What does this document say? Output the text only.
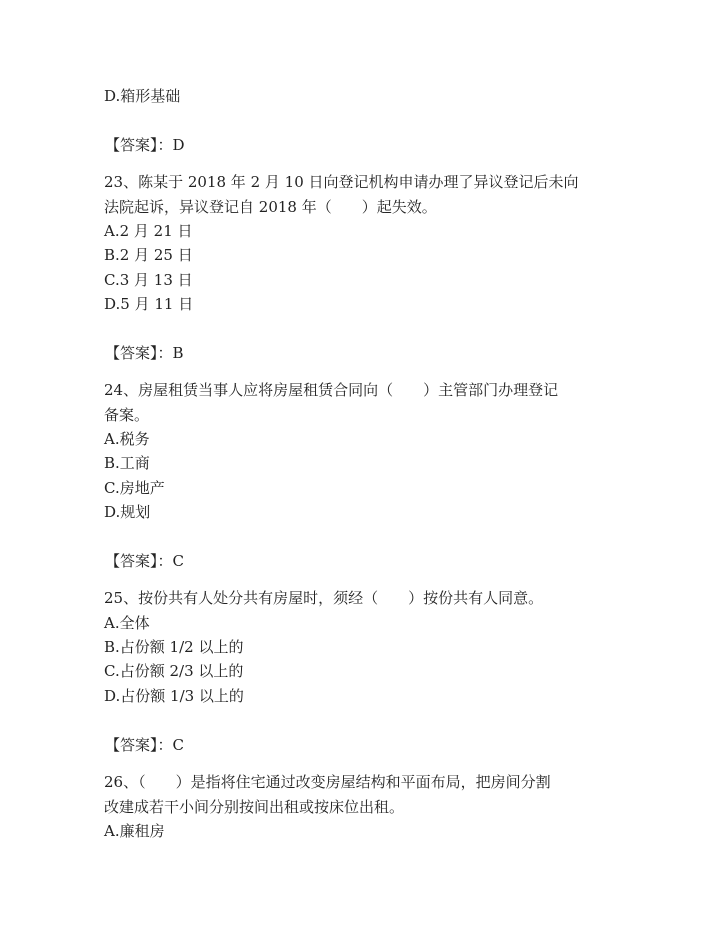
D.箱形基础
【答案】：D
23、陈某于 2018 年 2 月 10 日向登记机构申请办理了异议登记后未向
法院起诉，异议登记自 2018 年（　　）起失效。
A.2 月 21 日
B.2 月 25 日
C.3 月 13 日
D.5 月 11 日
【答案】：B
24、房屋租赁当事人应将房屋租赁合同向（　　）主管部门办理登记
备案。
A.税务
B.工商
C.房地产
D.规划
【答案】：C
25、按份共有人处分共有房屋时，须经（　　）按份共有人同意。
A.全体
B.占份额 1/2 以上的
C.占份额 2/3 以上的
D.占份额 1/3 以上的
【答案】：C
26、（　　）是指将住宅通过改变房屋结构和平面布局，把房间分割
改建成若干小间分别按间出租或按床位出租。
A.廉租房
